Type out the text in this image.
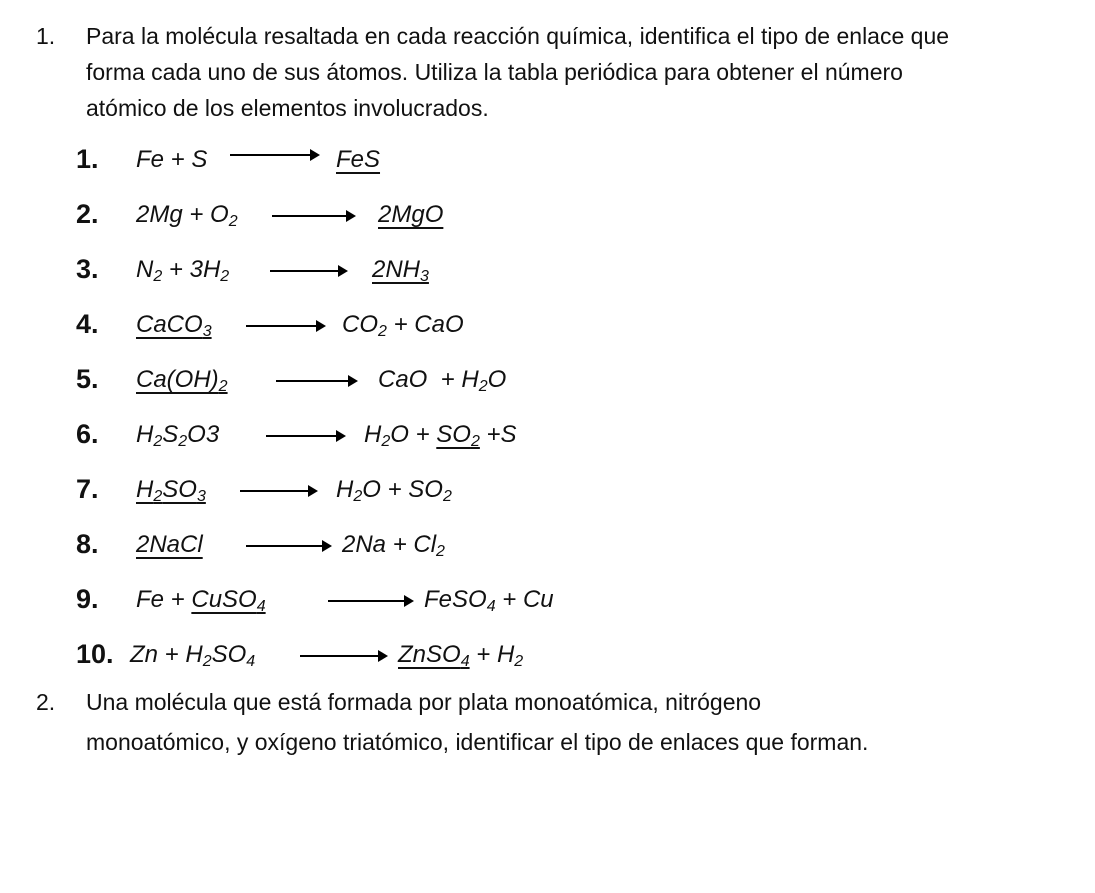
1. Para la molécula resaltada en cada reacción química, identifica el tipo de enlace que
forma cada uno de sus átomos. Utiliza la tabla periódica para obtener el número
atómico de los elementos involucrados.
1. Fe + S	FeS
2. $2Mg + O_2$	2MgO
3. $N_2 + 3H_2$	$2NH_3$
4. CaCO$_3$	$CO_2$ + CaO
5. $Ca(OH)_2$	CaO  + $H_2O$
6. $H_2S_2O3$	$H_2O + SO_2 +S$
7. $H_2SO_3$	$H_2O + SO_2$
8. 2NaCl	$2Na + Cl_2$
9. Fe + CuSO$_4$	FeSO$_4$ + Cu
10. $Zn + H_2SO_4$	ZnSO$_4$ + $H_2$
2. Una molécula que está formada por plata monoatómica, nitrógeno
monoatómico, y oxígeno triatómico, identificar el tipo de enlaces que forman.
